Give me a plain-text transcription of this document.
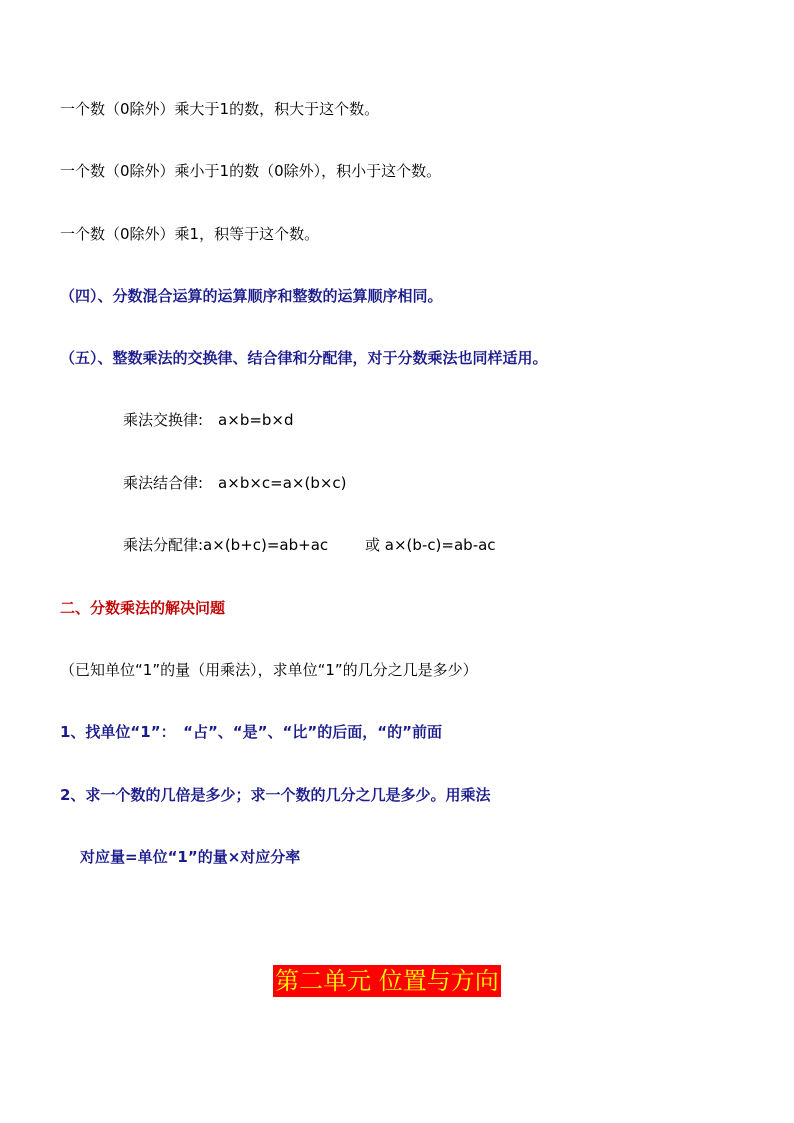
一个数（0除外）乘大于1的数，积大于这个数。
一个数（0除外）乘小于1的数（0除外），积小于这个数。
一个数（0除外）乘1，积等于这个数。
（四）、分数混合运算的运算顺序和整数的运算顺序相同。
（五）、整数乘法的交换律、结合律和分配律，对于分数乘法也同样适用。
乘法交换律:　a×b=b×d
乘法结合律:　a×b×c=a×(b×c)
乘法分配律:a×(b+c)=ab+ac 或 a×(b-c)=ab-ac
二、分数乘法的解决问题
（已知单位“1”的量（用乘法），求单位“1”的几分之几是多少）
1、找单位“1”：　“占”、“是”、“比”的后面，“的”前面
2、求一个数的几倍是多少；求一个数的几分之几是多少。用乘法
对应量=单位“1”的量×对应分率
第二单元 位置与方向
